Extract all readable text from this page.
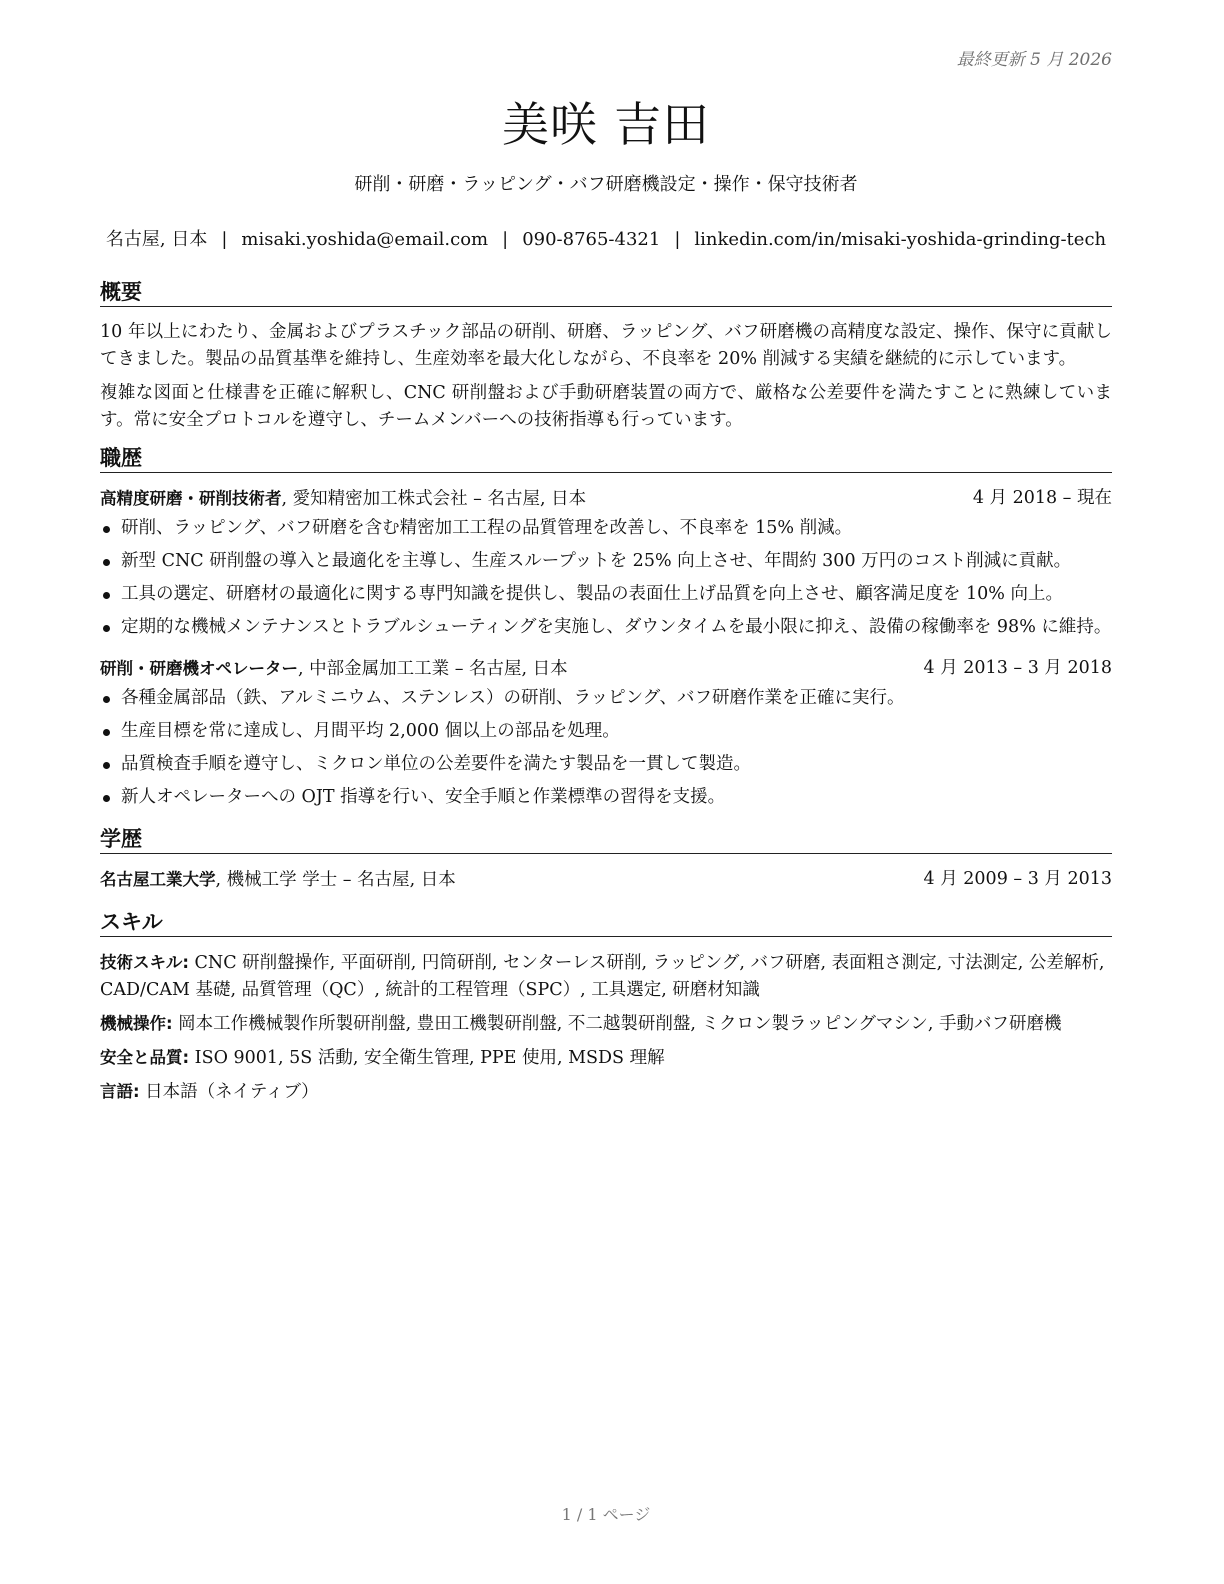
最終更新 5 月 2026
美咲 吉田
研削・研磨・ラッピング・バフ研磨機設定・操作・保守技術者
名古屋, 日本 | misaki.yoshida@email.com | 090-8765-4321 | linkedin.com/in/misaki-yoshida-grinding-tech
概要

10 年以上にわたり、金属およびプラスチック部品の研削、研磨、ラッピング、バフ研磨機の高精度な設定、操作、保守に貢献してきました。製品の品質基準を維持し、生産効率を最大化しながら、不良率を 20% 削減する実績を継続的に示しています。

複雑な図面と仕様書を正確に解釈し、CNC 研削盤および手動研磨装置の両方で、厳格な公差要件を満たすことに熟練しています。常に安全プロトコルを遵守し、チームメンバーへの技術指導も行っています。

職歴
高精度研磨・研削技術者, 愛知精密加工株式会社 – 名古屋, 日本	4 月 2018 – 現在
研削、ラッピング、バフ研磨を含む精密加工工程の品質管理を改善し、不良率を 15% 削減。
新型 CNC 研削盤の導入と最適化を主導し、生産スループットを 25% 向上させ、年間約 300 万円のコスト削減に貢献。
工具の選定、研磨材の最適化に関する専門知識を提供し、製品の表面仕上げ品質を向上させ、顧客満足度を 10% 向上。
定期的な機械メンテナンスとトラブルシューティングを実施し、ダウンタイムを最小限に抑え、設備の稼働率を 98% に維持。
研削・研磨機オペレーター, 中部金属加工工業 – 名古屋, 日本	4 月 2013 – 3 月 2018
各種金属部品（鉄、アルミニウム、ステンレス）の研削、ラッピング、バフ研磨作業を正確に実行。
生産目標を常に達成し、月間平均 2,000 個以上の部品を処理。
品質検査手順を遵守し、ミクロン単位の公差要件を満たす製品を一貫して製造。
新人オペレーターへの OJT 指導を行い、安全手順と作業標準の習得を支援。
学歴
名古屋工業大学, 機械工学 学士 – 名古屋, 日本	4 月 2009 – 3 月 2013
スキル
技術スキル: CNC 研削盤操作, 平面研削, 円筒研削, センターレス研削, ラッピング, バフ研磨, 表面粗さ測定, 寸法測定, 公差解析, CAD/CAM 基礎, 品質管理（QC）, 統計的工程管理（SPC）, 工具選定, 研磨材知識
機械操作: 岡本工作機械製作所製研削盤, 豊田工機製研削盤, 不二越製研削盤, ミクロン製ラッピングマシン, 手動バフ研磨機
安全と品質: ISO 9001, 5S 活動, 安全衛生管理, PPE 使用, MSDS 理解
言語: 日本語（ネイティブ）
1 / 1 ページ
